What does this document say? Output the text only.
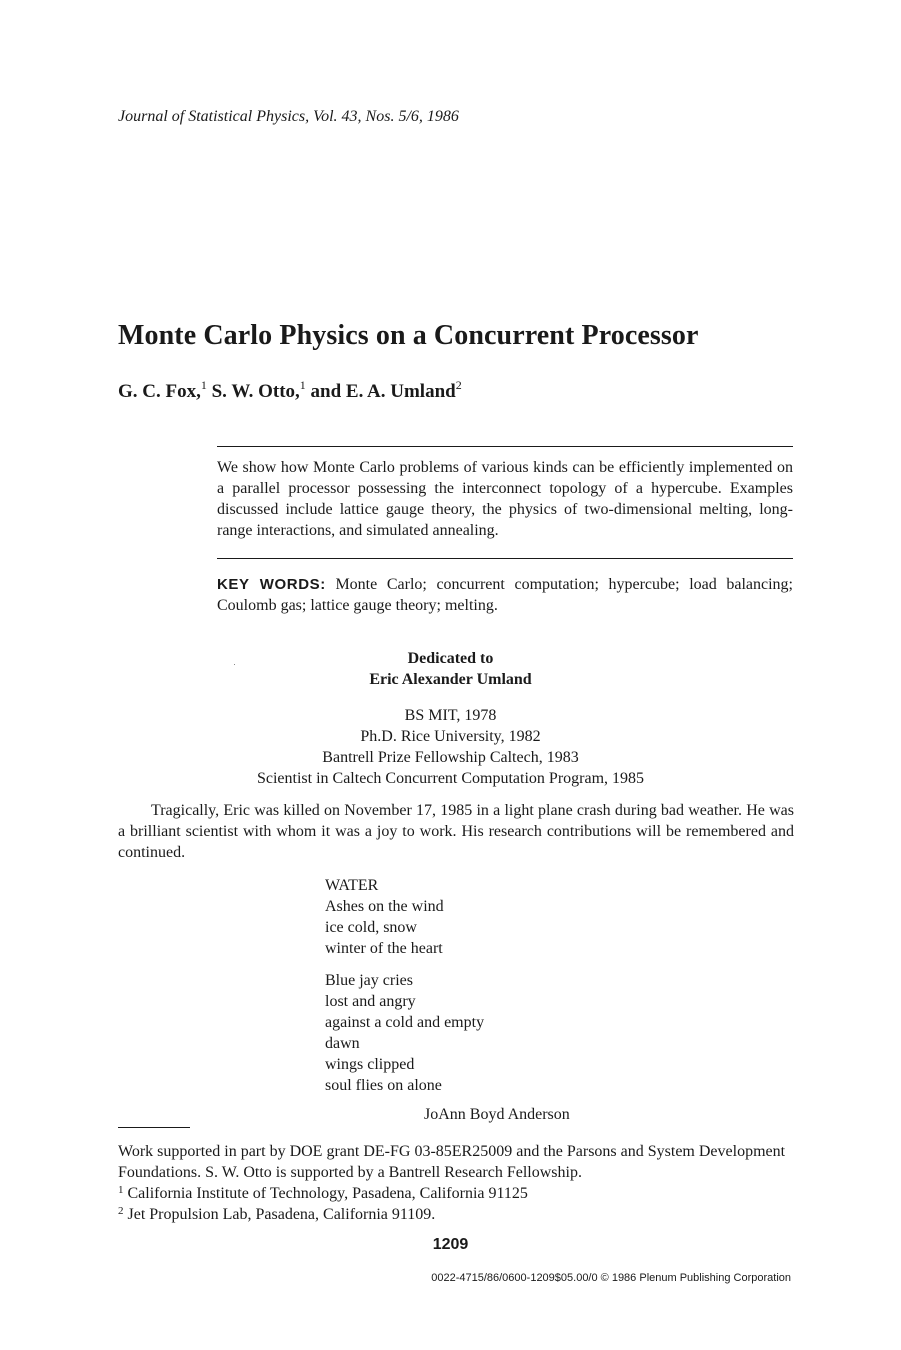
Journal of Statistical Physics, Vol. 43, Nos. 5/6, 1986
Monte Carlo Physics on a Concurrent Processor
G. C. Fox,$^1$ S. W. Otto,$^1$ and E. A. Umland$^2$
We show how Monte Carlo problems of various kinds can be efficiently implemented on a parallel processor possessing the interconnect topology of a hypercube. Examples discussed include lattice gauge theory, the physics of two-dimensional melting, long-range interactions, and simulated annealing.
KEY WORDS: Monte Carlo; concurrent computation; hypercube; load balancing; Coulomb gas; lattice gauge theory; melting.
Dedicated to
Eric Alexander Umland
BS MIT, 1978
Ph.D. Rice University, 1982
Bantrell Prize Fellowship Caltech, 1983
Scientist in Caltech Concurrent Computation Program, 1985
Tragically, Eric was killed on November 17, 1985 in a light plane crash during bad weather. He was a brilliant scientist with whom it was a joy to work. His research contributions will be remembered and continued.
WATER
Ashes on the wind
ice cold, snow
winter of the heart
Blue jay cries
lost and angry
against a cold and empty
dawn
wings clipped
soul flies on alone
JoAnn Boyd Anderson
Work supported in part by DOE grant DE-FG 03-85ER25009 and the Parsons and System Development Foundations. S. W. Otto is supported by a Bantrell Research Fellowship.
$^1$ California Institute of Technology, Pasadena, California 91125
$^2$ Jet Propulsion Lab, Pasadena, California 91109.
1209
0022-4715/86/0600-1209$05.00/0 © 1986 Plenum Publishing Corporation
